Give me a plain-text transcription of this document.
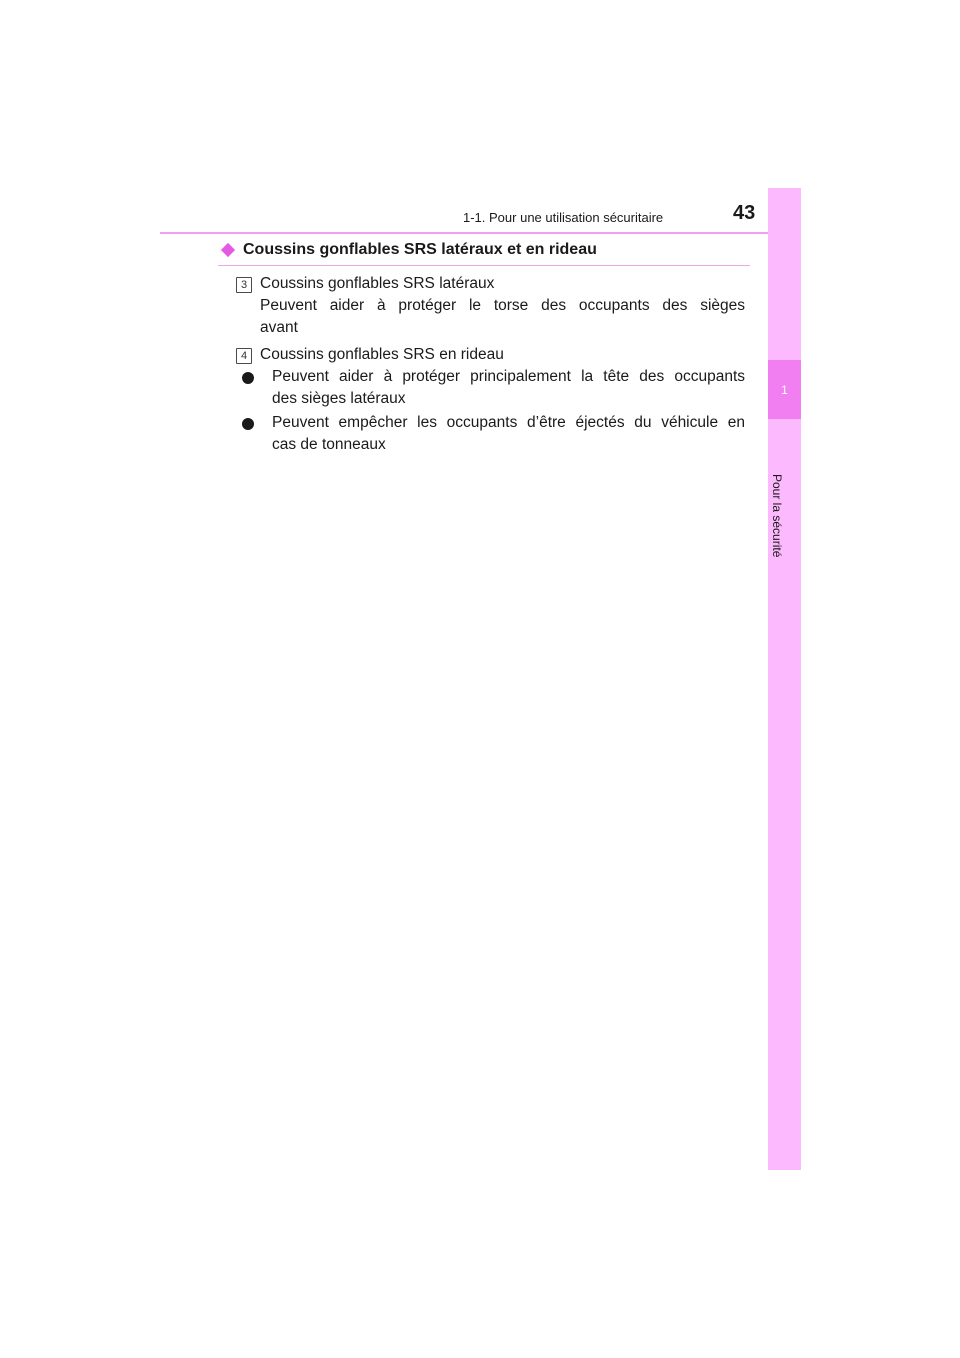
1-1. Pour une utilisation sécuritaire	43
1
Pour la sécurité
Coussins gonflables SRS latéraux et en rideau
3 Coussins gonflables SRS latéraux
Peuvent aider à protéger le torse des occupants des sièges
avant
4 Coussins gonflables SRS en rideau
Peuvent aider à protéger principalement la tête des occupants
des sièges latéraux
Peuvent empêcher les occupants d’être éjectés du véhicule en
cas de tonneaux
